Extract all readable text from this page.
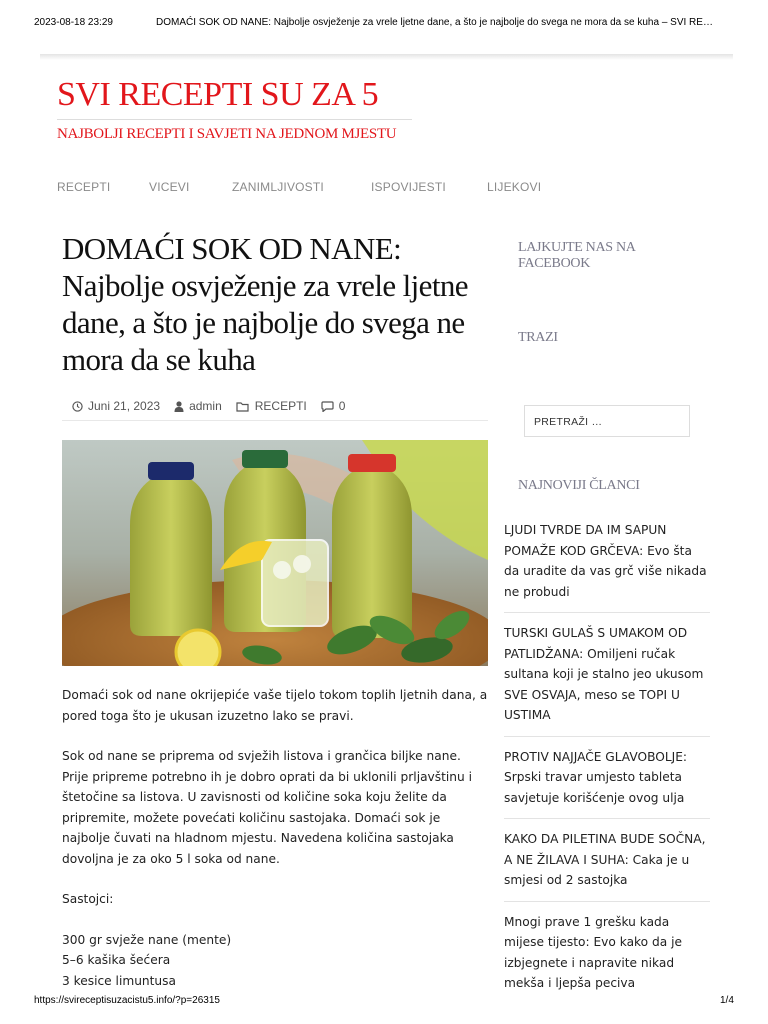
2023-08-18 23:29	DOMAĆI SOK OD NANE: Najbolje osvježenje za vrele ljetne dane, a što je najbolje do svega ne mora da se kuha – SVI RE…
SVI RECEPTI SU ZA 5
NAJBOLJI RECEPTI I SAVJETI NA JEDNOM MJESTU
RECEPTI	VICEVI	ZANIMLJIVOSTI	ISPOVIJESTI	LIJEKOVI
DOMAĆI SOK OD NANE: Najbolje osvježenje za vrele ljetne dane, a što je najbolje do svega ne mora da se kuha
Juni 21, 2023 admin	RECEPTI	0

Domaći sok od nane okrijepiće vaše tijelo tokom toplih ljetnih dana, a pored toga što je ukusan izuzetno lako se pravi.

Sok od nane se priprema od svježih listova i grančica biljke nane. Prije pripreme potrebno ih je dobro oprati da bi uklonili prljavštinu i štetočine sa listova. U zavisnosti od količine soka koju želite da pripremite, možete povećati količinu sastojaka. Domaći sok je najbolje čuvati na hladnom mjestu. Navedena količina sastojaka dovoljna je za oko 5 l soka od nane.

Sastojci:

300 gr svježe nane (mente)
5–6 kašika šećera
3 kesice limuntusa
LAJKUJTE NAS NA FACEBOOK
TRAZI
PRETRAŽI …
NAJNOVIJI ČLANCI
LJUDI TVRDE DA IM SAPUN POMAŽE KOD GRČEVA: Evo šta da uradite da vas grč više nikada ne probudi
TURSKI GULAŠ S UMAKOM OD PATLIDŽANA: Omiljeni ručak sultana koji je stalno jeo ukusom SVE OSVAJA, meso se TOPI U USTIMA
PROTIV NAJJAČE GLAVOBOLJE: Srpski travar umjesto tableta savjetuje korišćenje ovog ulja
KAKO DA PILETINA BUDE SOČNA, A NE ŽILAVA I SUHA: Caka je u smjesi od 2 sastojka
Mnogi prave 1 grešku kada mijese tijesto: Evo kako da je izbjegnete i napravite nikad mekša i ljepša peciva
https://svireceptisuzacistu5.info/?p=26315	1/4
